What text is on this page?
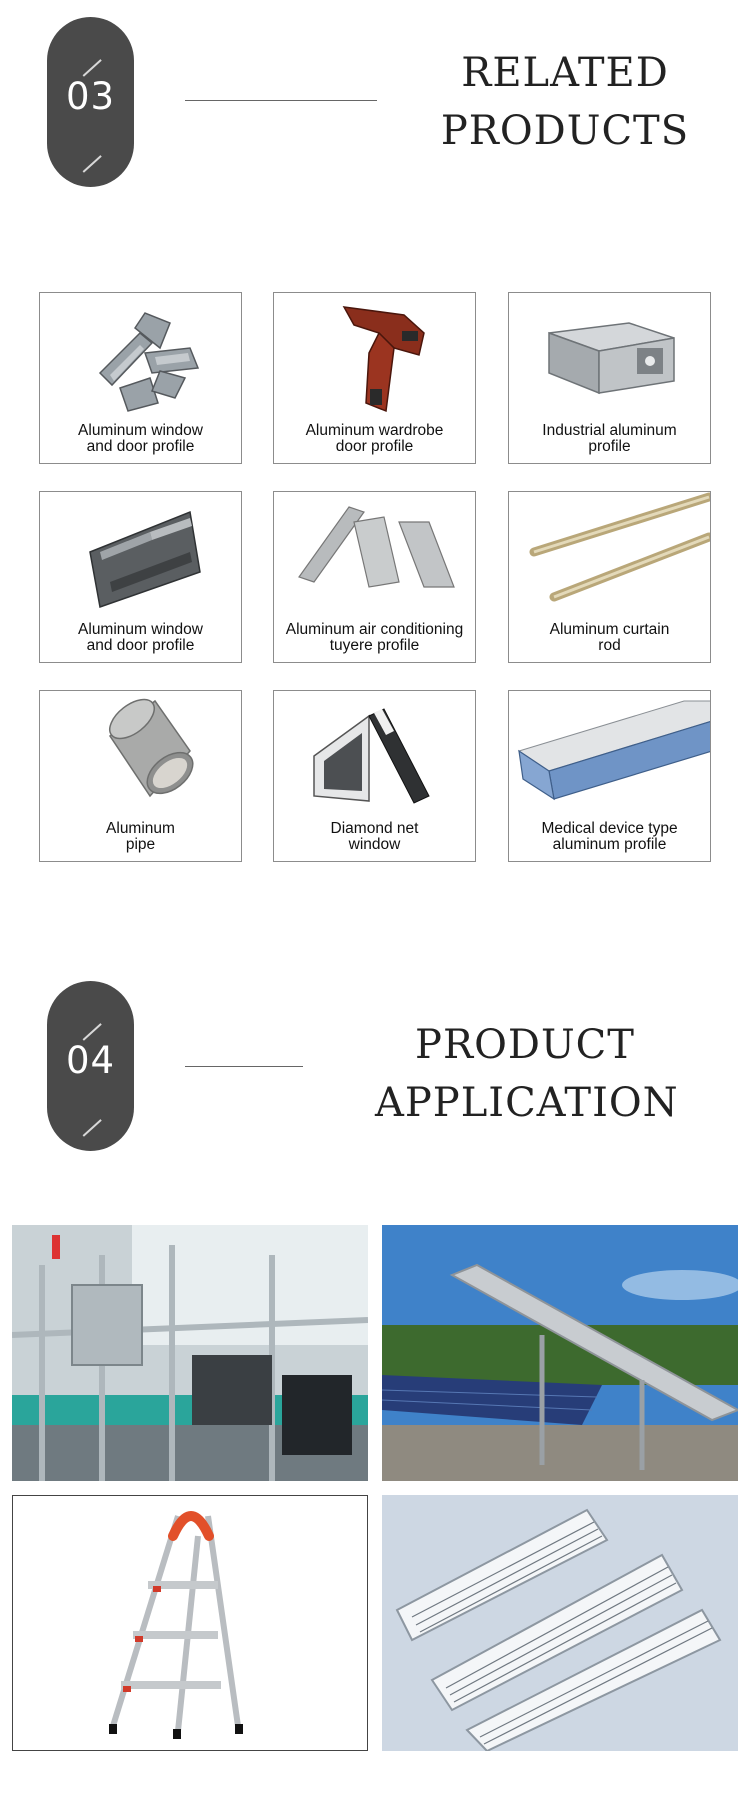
03
RELATED
PRODUCTS
Aluminum window
and door profile
Aluminum wardrobe
door profile
Industrial aluminum
profile
Aluminum window
and door profile
Aluminum air conditioning
tuyere profile
Aluminum curtain
rod
Aluminum
pipe
Diamond net
window
Medical device type
aluminum profile
04	PRODUCT
APPLICATION
